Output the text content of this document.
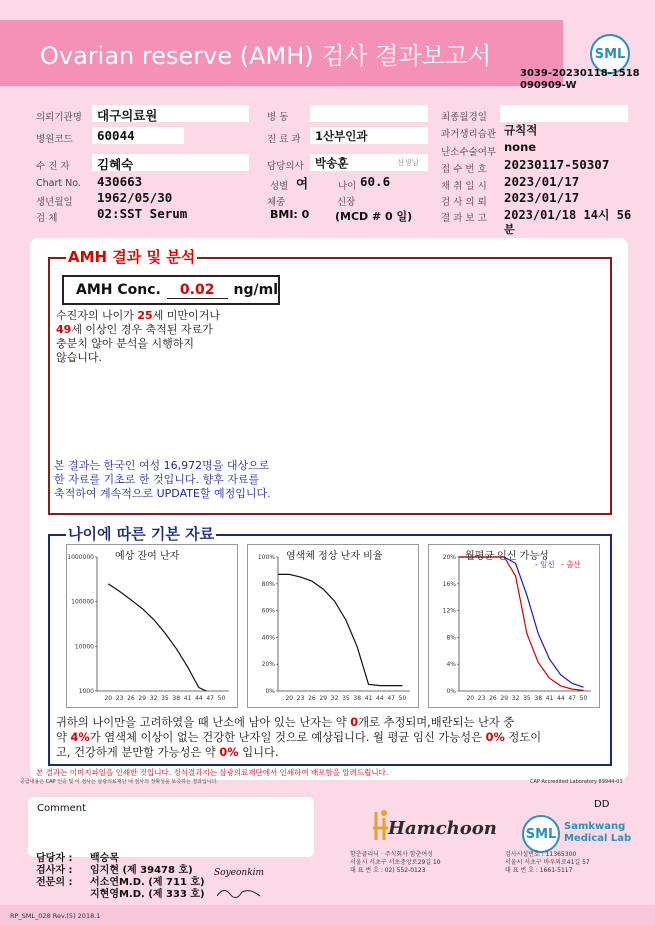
Ovarian reserve (AMH) 검사 결과보고서	SML
3039-20230118-1518
090909-W
의뢰기관명 대구의료원
병원코드 60044
수 진 자 김혜숙
Chart No. 430663
생년월일 1962/05/30
검 체	02:SST Serum
병 동
진 료 과 1산부인과
담당의사 박송훈	선생님
성별 여	나이 60.6
체중	신장
BMI: 0 (MCD # 0 일)
최종월경일
과거생리습관 규칙적
난소수술여부 none
접 수 번 호 20230117-50307
채 취 일 시 2023/01/17
검 사 의 뢰 2023/01/17
결 과 보 고 2023/01/18 14시 56
분
AMH 결과 및 분석
AMH Conc.	0.02	ng/ml
수진자의 나이가 25세 미만이거나
49세 이상인 경우 축적된 자료가
충분치 않아 분석을 시행하지
않습니다.
본 결과는 한국인 여성 16,972명을 대상으로
한 자료를 기초로 한 것입니다. 향후 자료를
축적하여 계속적으로 UPDATE할 예정입니다.
나이에 따른 기본 자료
예상 잔여 난자
1000000
100000
10000
1000
20 23 26 29 32 35 38 41 44 47 50
염색체 정상 난자 비율
100%
80%
60%
40%
20%
0%
20 23 26 29 32 35 38 41 44 47 50
월평균 임신 가능성
- 임신 - 출산
20%
16%
12%
8%
4%
0%
20 23 26 29 32 35 38 41 44 47 50
귀하의 나이만을 고려하였을 때 난소에 남아 있는 난자는 약 0개로 추정되며,배란되는 난자 중
약 4%가 염색체 이상이 없는 건강한 난자일 것으로 예상됩니다. 월 평균 임신 가능성은 0% 정도이
고, 건강하게 분만할 가능성은 약 0% 입니다.
본 결과는 이미지파일을 인쇄한 것입니다. 정식결과지는 삼광의료재단에서 인쇄하여 배포함을 알려드립니다.
공급내용은 CAP 인증 및 이 검사는 삼광의료재단 내 검사의 정확성을 보증하는 결과입니다.	CAP Accredited Laboratory 89944-01
Comment	DD
담당자 :
검사자 :
전문의 :
백승목
임지현 (제 39478 호)
서소연M.D. (제 711 호)
지현영M.D. (제 333 호)
Soyeonkim
Hamchoon
함춘클리닉 · 주식회사 함춘여성
서울시 서초구 서초중앙로29길 10
대 표 번 호 : 02) 552-0123
SML Samkwang
Medical Lab
검사시설번호 : 11365300
서울시 서초구 바우뫼로41길 57
대 표 번 호 : 1661-5117
RP_SML_028 Rev.(5) 2018.1
